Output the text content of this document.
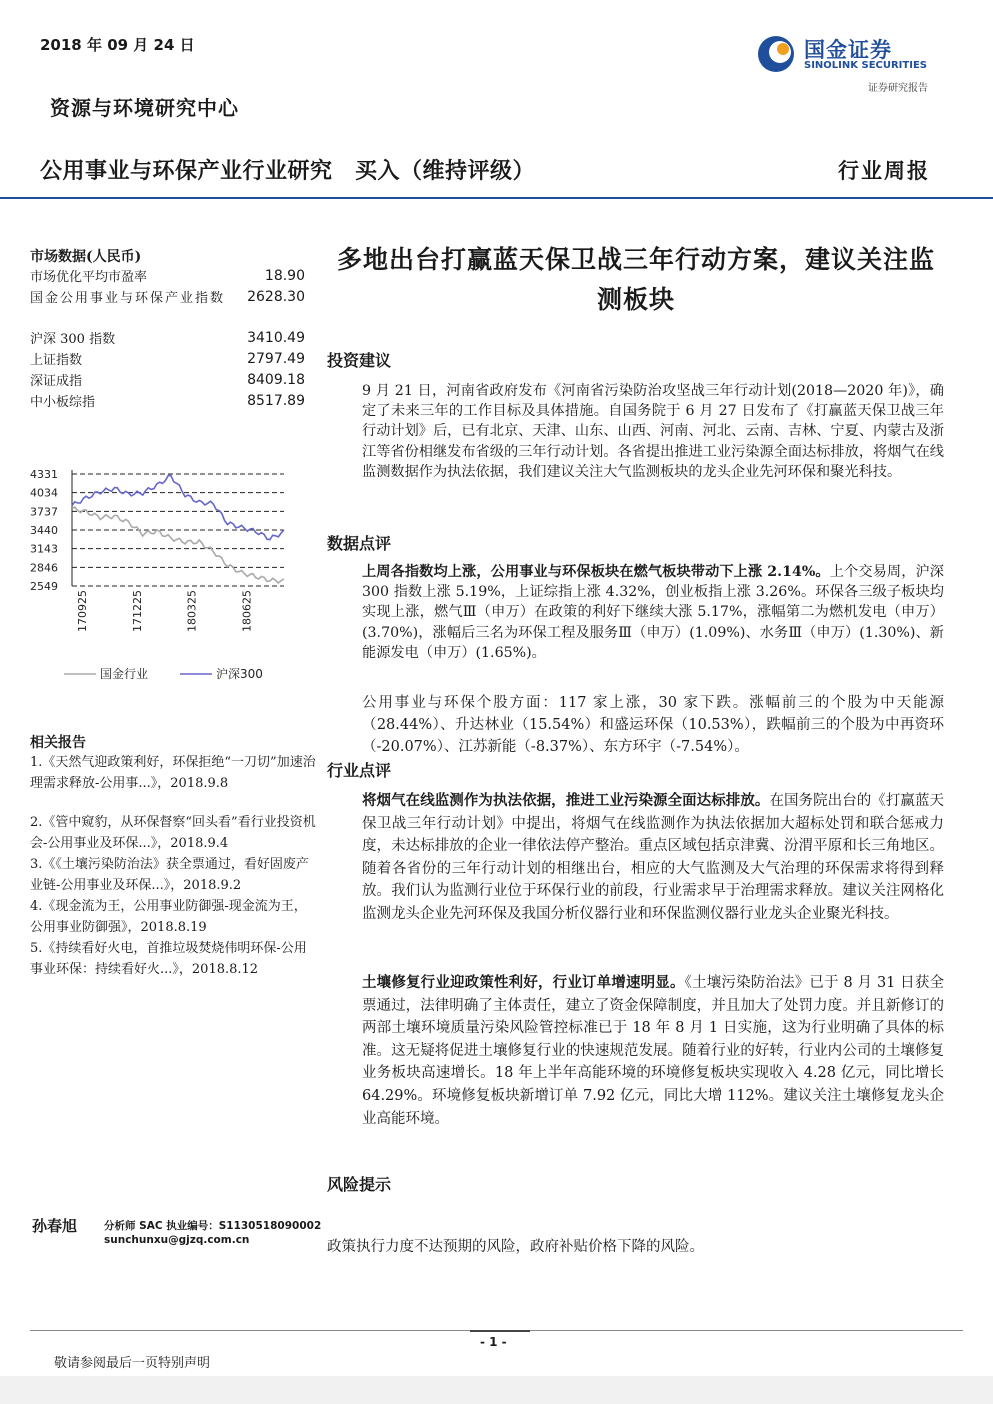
2018 年 09 月 24 日
资源与环境研究中心
国金证券
SINOLINK SECURITIES
证券研究报告
公用事业与环保产业行业研究　买入（维持评级）	行业周报
市场数据(人民币)
市场优化平均市盈率	18.90
国金公用事业与环保产业指数	2628.30
沪深 300 指数	3410.49
上证指数	2797.49
深证成指	8409.18
中小板综指	8517.89
4331
4034
3737
3440
3143
2846
2549
170925	171225	180325	180625
国金行业	沪深300
相关报告
1.《天然气迎政策利好，环保拒绝“一刀切”加速治理需求释放-公用事...》，2018.9.8
2.《管中窥豹，从环保督察“回头看”看行业投资机会-公用事业及环保...》，2018.9.4
3.《《土壤污染防治法》获全票通过，看好固废产业链-公用事业及环保...》，2018.9.2
4.《现金流为王，公用事业防御强-现金流为王，公用事业防御强》，2018.8.19
5.《持续看好火电，首推垃圾焚烧伟明环保-公用事业环保：持续看好火...》，2018.8.12
孙春旭	分析师 SAC 执业编号：S1130518090002
sunchunxu@gjzq.com.cn
多地出台打赢蓝天保卫战三年行动方案，建议关注监测板块
投资建议
9 月 21 日，河南省政府发布《河南省污染防治攻坚战三年行动计划(2018—2020 年)》，确定了未来三年的工作目标及具体措施。自国务院于 6 月 27 日发布了《打赢蓝天保卫战三年行动计划》后，已有北京、天津、山东、山西、河南、河北、云南、吉林、宁夏、内蒙古及浙江等省份相继发布省级的三年行动计划。各省提出推进工业污染源全面达标排放，将烟气在线监测数据作为执法依据，我们建议关注大气监测板块的龙头企业先河环保和聚光科技。
数据点评
上周各指数均上涨，公用事业与环保板块在燃气板块带动下上涨 2.14%。上个交易周，沪深 300 指数上涨 5.19%，上证综指上涨 4.32%，创业板指上涨 3.26%。环保各三级子板块均实现上涨，燃气Ⅲ（申万）在政策的利好下继续大涨 5.17%，涨幅第二为燃机发电（申万）(3.70%)，涨幅后三名为环保工程及服务Ⅲ（申万）(1.09%)、水务Ⅲ（申万）(1.30%)、新能源发电（申万）(1.65%)。
公用事业与环保个股方面：117 家上涨，30 家下跌。涨幅前三的个股为中天能源（28.44%）、升达林业（15.54%）和盛运环保（10.53%），跌幅前三的个股为中再资环（-20.07%）、江苏新能（-8.37%）、东方环宇（-7.54%）。
行业点评
将烟气在线监测作为执法依据，推进工业污染源全面达标排放。在国务院出台的《打赢蓝天保卫战三年行动计划》中提出，将烟气在线监测作为执法依据加大超标处罚和联合惩戒力度，未达标排放的企业一律依法停产整治。重点区域包括京津冀、汾渭平原和长三角地区。随着各省份的三年行动计划的相继出台，相应的大气监测及大气治理的环保需求将得到释放。我们认为监测行业位于环保行业的前段，行业需求早于治理需求释放。建议关注网格化监测龙头企业先河环保及我国分析仪器行业和环保监测仪器行业龙头企业聚光科技。
土壤修复行业迎政策性利好，行业订单增速明显。《土壤污染防治法》已于 8 月 31 日获全票通过，法律明确了主体责任，建立了资金保障制度，并且加大了处罚力度。并且新修订的两部土壤环境质量污染风险管控标准已于 18 年 8 月 1 日实施，这为行业明确了具体的标准。这无疑将促进土壤修复行业的快速规范发展。随着行业的好转，行业内公司的土壤修复业务板块高速增长。18 年上半年高能环境的环境修复板块实现收入 4.28 亿元，同比增长 64.29%。环境修复板块新增订单 7.92 亿元，同比大增 112%。建议关注土壤修复龙头企业高能环境。
风险提示
政策执行力度不达预期的风险，政府补贴价格下降的风险。
- 1 -
敬请参阅最后一页特别声明
